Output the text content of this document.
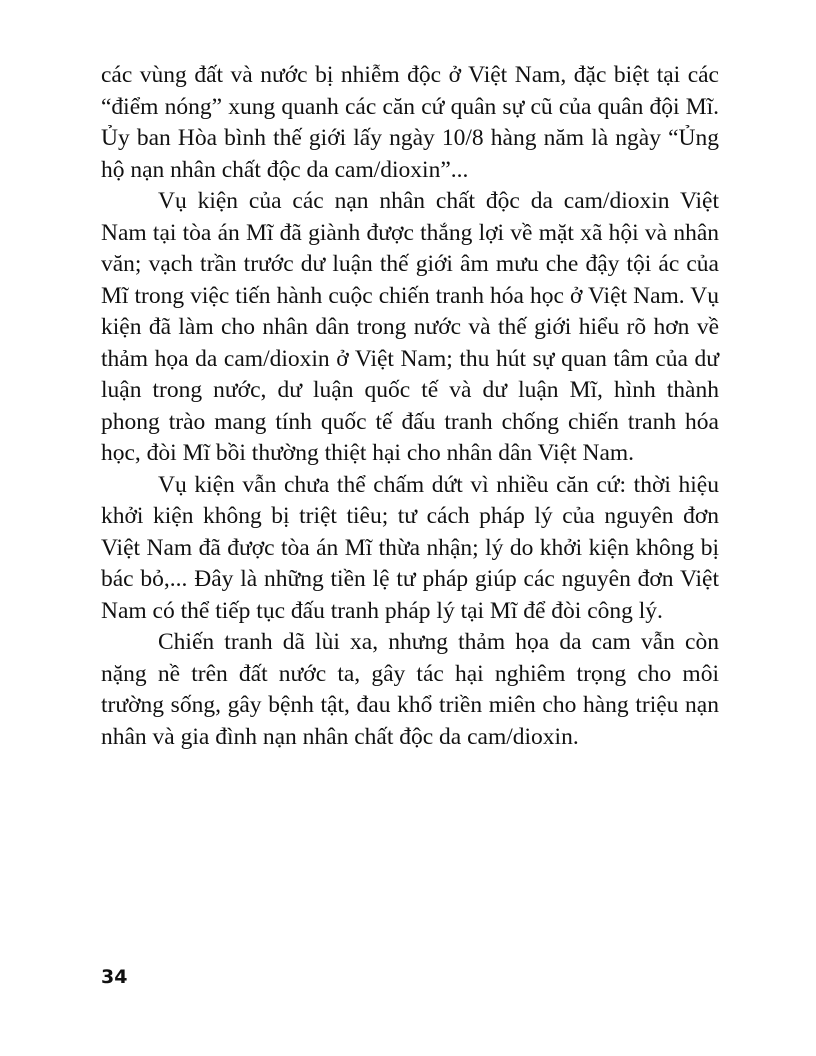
các vùng đất và nước bị nhiễm độc ở Việt Nam, đặc biệt tại các “điểm nóng” xung quanh các căn cứ quân sự cũ của quân đội Mĩ. Ủy ban Hòa bình thế giới lấy ngày 10/8 hàng năm là ngày “Ủng hộ nạn nhân chất độc da cam/dioxin”...

Vụ kiện của các nạn nhân chất độc da cam/dioxin Việt Nam tại tòa án Mĩ đã giành được thắng lợi về mặt xã hội và nhân văn; vạch trần trước dư luận thế giới âm mưu che đậy tội ác của Mĩ trong việc tiến hành cuộc chiến tranh hóa học ở Việt Nam. Vụ kiện đã làm cho nhân dân trong nước và thế giới hiểu rõ hơn về thảm họa da cam/dioxin ở Việt Nam; thu hút sự quan tâm của dư luận trong nước, dư luận quốc tế và dư luận Mĩ, hình thành phong trào mang tính quốc tế đấu tranh chống chiến tranh hóa học, đòi Mĩ bồi thường thiệt hại cho nhân dân Việt Nam.

Vụ kiện vẫn chưa thể chấm dứt vì nhiều căn cứ: thời hiệu khởi kiện không bị triệt tiêu; tư cách pháp lý của nguyên đơn Việt Nam đã được tòa án Mĩ thừa nhận; lý do khởi kiện không bị bác bỏ,... Đây là những tiền lệ tư pháp giúp các nguyên đơn Việt Nam có thể tiếp tục đấu tranh pháp lý tại Mĩ để đòi công lý.

Chiến tranh dã lùi xa, nhưng thảm họa da cam vẫn còn nặng nề trên đất nước ta, gây tác hại nghiêm trọng cho môi trường sống, gây bệnh tật, đau khổ triền miên cho hàng triệu nạn nhân và gia đình nạn nhân chất độc da cam/dioxin.

34
